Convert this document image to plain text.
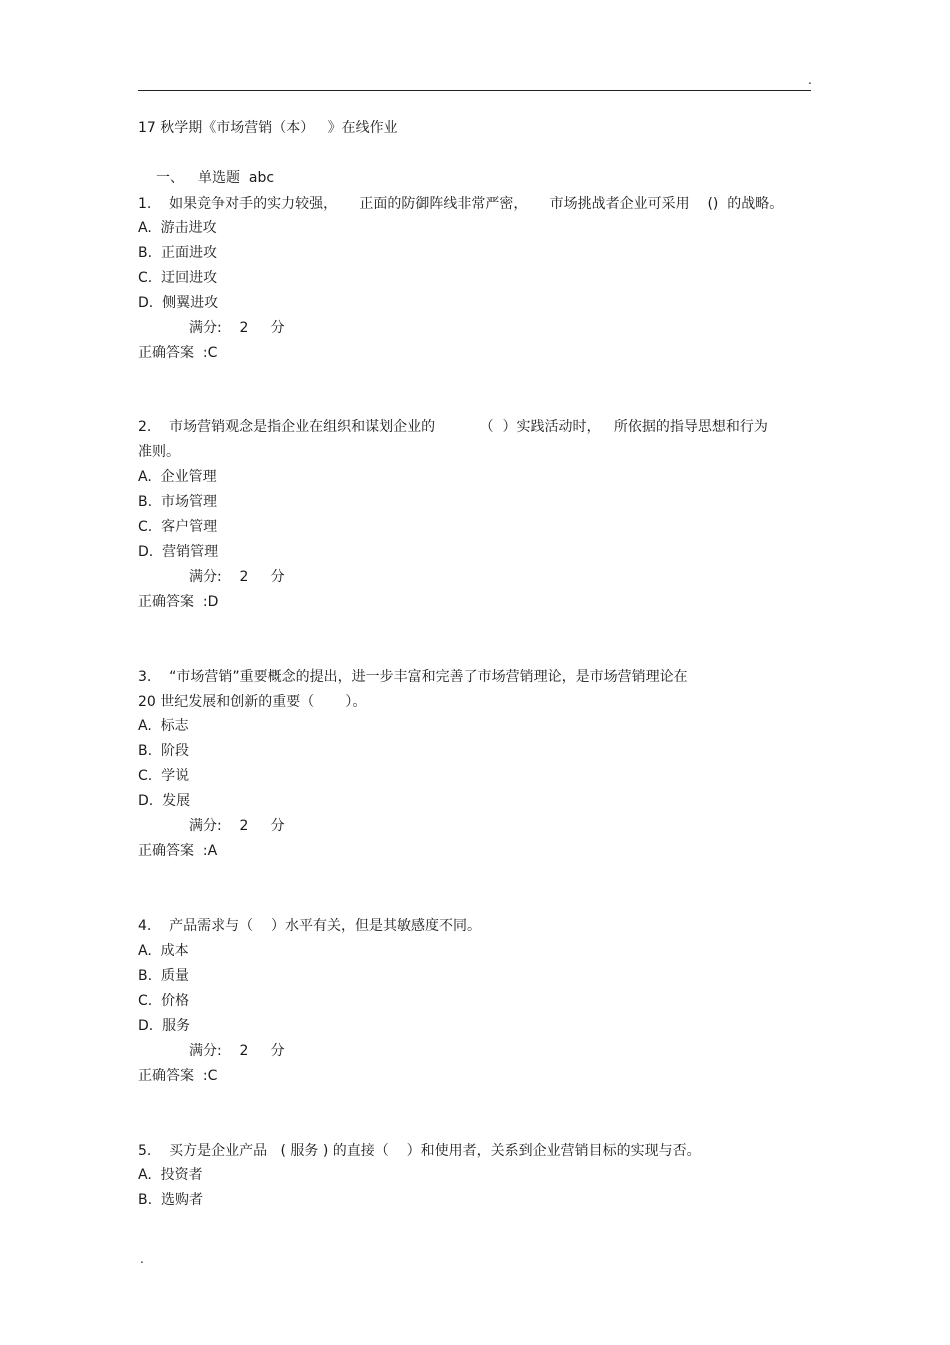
.
17 秋学期《市场营销（本）   》在线作业
一、 单选题  abc
1.    如果竞争对手的实力较强，     正面的防御阵线非常严密，     市场挑战者企业可采用    ()  的战略。
A.  游击进攻
B.  正面进攻
C.  迂回进攻
D.  侧翼进攻
满分:    2     分
正确答案  :C
2.    市场营销观念是指企业在组织和谋划企业的          （  ）实践活动时，   所依据的指导思想和行为
准则。
A.  企业管理
B.  市场管理
C.  客户管理
D.  营销管理
满分:    2     分
正确答案  :D
3.    “市场营销”重要概念的提出，进一步丰富和完善了市场营销理论，是市场营销理论在
20 世纪发展和创新的重要（       ）。
A.  标志
B.  阶段
C.  学说
D.  发展
满分:    2     分
正确答案  :A
4.    产品需求与（    ）水平有关，但是其敏感度不同。
A.  成本
B.  质量
C.  价格
D.  服务
满分:    2     分
正确答案  :C
5.    买方是企业产品   ( 服务 ) 的直接（    ）和使用者，关系到企业营销目标的实现与否。
A.  投资者
B.  选购者
.
